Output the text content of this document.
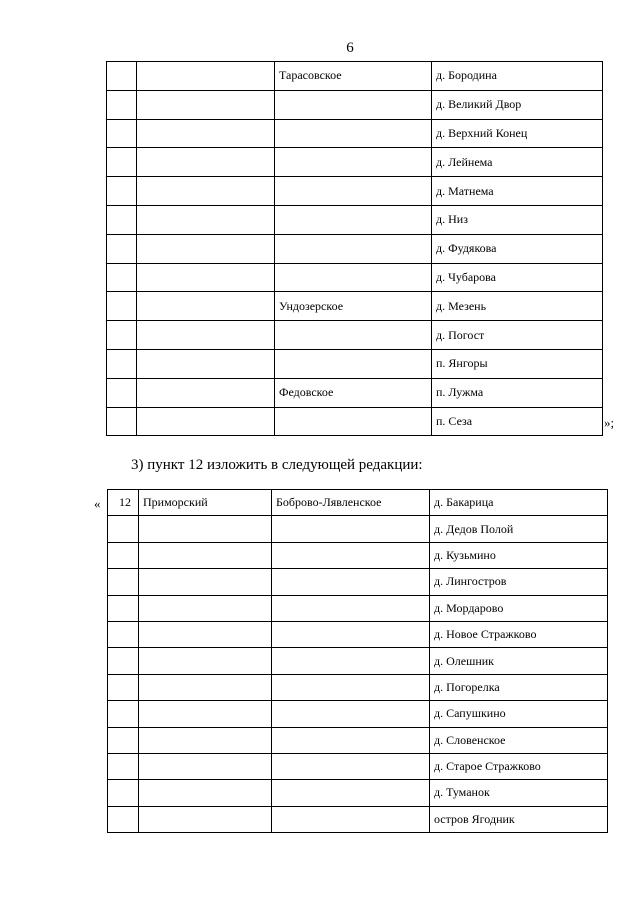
6
		Тарасовское	д. Бородина
			д. Великий Двор
			д. Верхний Конец
			д. Лейнема
			д. Матнема
			д. Низ
			д. Фудякова
			д. Чубарова
		Ундозерское	д. Мезень
			д. Погост
			п. Янгоры
		Федовское	п. Лужма
			п. Сеза	»;
3) пункт 12 изложить в следующей редакции:
« 12	Приморский	Боброво-Лявленское	д. Бакарица
			д. Дедов Полой
			д. Кузьмино
			д. Лингостров
			д. Мордарово
			д. Новое Стражково
			д. Олешник
			д. Погорелка
			д. Сапушкино
			д. Словенское
			д. Старое Стражково
			д. Туманок
			остров Ягодник
